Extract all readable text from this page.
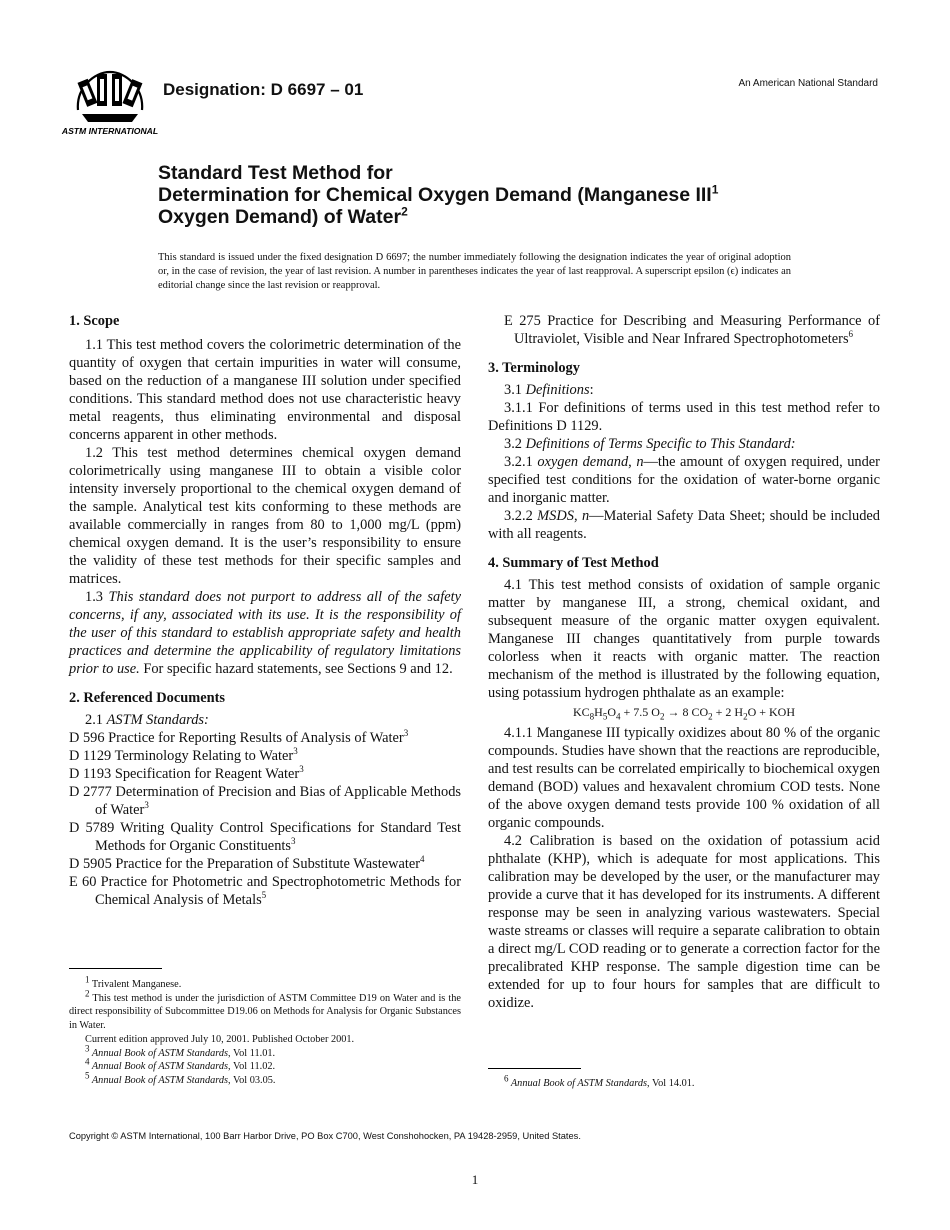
ASTM INTERNATIONAL
Designation: D 6697 – 01	An American National Standard
Standard Test Method for
Determination for Chemical Oxygen Demand (Manganese III$^1$
Oxygen Demand) of Water$^2$
This standard is issued under the fixed designation D 6697; the number immediately following the designation indicates the year of original adoption or, in the case of revision, the year of last revision. A number in parentheses indicates the year of last reapproval. A superscript epsilon (ϵ) indicates an editorial change since the last revision or reapproval.
1. Scope

1.1 This test method covers the colorimetric determination of the quantity of oxygen that certain impurities in water will consume, based on the reduction of a manganese III solution under specified conditions. This standard method does not use characteristic heavy metal reagents, thus eliminating environmental and disposal concerns apparent in other methods.

1.2 This test method determines chemical oxygen demand colorimetrically using manganese III to obtain a visible color intensity inversely proportional to the chemical oxygen demand of the sample. Analytical test kits conforming to these methods are available commercially in ranges from 80 to 1,000 mg/L (ppm) chemical oxygen demand. It is the user’s responsibility to ensure the validity of these test methods for their specific samples and matrices.

1.3 This standard does not purport to address all of the safety concerns, if any, associated with its use. It is the responsibility of the user of this standard to establish appropriate safety and health practices and determine the applicability of regulatory limitations prior to use. For specific hazard statements, see Sections 9 and 12.

2. Referenced Documents

2.1 ASTM Standards:

D 596 Practice for Reporting Results of Analysis of Water$^3$

D 1129 Terminology Relating to Water$^3$

D 1193 Specification for Reagent Water$^3$

D 2777 Determination of Precision and Bias of Applicable Methods of Water$^3$

D 5789 Writing Quality Control Specifications for Standard Test Methods for Organic Constituents$^3$

D 5905 Practice for the Preparation of Substitute Wastewater$^4$

E 60 Practice for Photometric and Spectrophotometric Methods for Chemical Analysis of Metals$^5$

E 275 Practice for Describing and Measuring Performance of Ultraviolet, Visible and Near Infrared Spectrophotometers$^6$

3. Terminology

3.1 Definitions:

3.1.1 For definitions of terms used in this test method refer to Definitions D 1129.

3.2 Definitions of Terms Specific to This Standard:

3.2.1 oxygen demand, n—the amount of oxygen required, under specified test conditions for the oxidation of water-borne organic and inorganic matter.

3.2.2 MSDS, n—Material Safety Data Sheet; should be included with all reagents.

4. Summary of Test Method

4.1 This test method consists of oxidation of sample organic matter by manganese III, a strong, chemical oxidant, and subsequent measure of the organic matter oxygen equivalent. Manganese III changes quantitatively from purple towards colorless when it reacts with organic matter. The reaction mechanism of the method is illustrated by the following equation, using potassium hydrogen phthalate as an example:

$KC_8H_5O_4 + 7.5$ $O_2 \to 8$ $CO_2 + 2$ $H_2O$ + KOH

4.1.1 Manganese III typically oxidizes about 80 % of the organic compounds. Studies have shown that the reactions are reproducible, and test results can be correlated empirically to biochemical oxygen demand (BOD) values and hexavalent chromium COD tests. None of the above oxygen demand tests provide 100 % oxidation of all organic compounds.

4.2 Calibration is based on the oxidation of potassium acid phthalate (KHP), which is adequate for most applications. This calibration may be developed by the user, or the manufacturer may provide a curve that it has developed for its instruments. A different response may be seen in analyzing various wastewaters. Special waste streams or classes will require a separate calibration to obtain a direct mg/L COD reading or to generate a correction factor for the precalibrated KHP response. The sample digestion time can be extended for up to four hours for samples that are difficult to oxidize.

$^1$ Trivalent Manganese.

$^2$ This test method is under the jurisdiction of ASTM Committee D19 on Water and is the direct responsibility of Subcommittee D19.06 on Methods for Analysis for Organic Substances in Water.

Current edition approved July 10, 2001. Published October 2001.

$^3$ Annual Book of ASTM Standards, Vol 11.01.

$^4$ Annual Book of ASTM Standards, Vol 11.02.

$^5$ Annual Book of ASTM Standards, Vol 03.05.	$^6$ Annual Book of ASTM Standards, Vol 14.01.

Copyright © ASTM International, 100 Barr Harbor Drive, PO Box C700, West Conshohocken, PA 19428-2959, United States.
1
